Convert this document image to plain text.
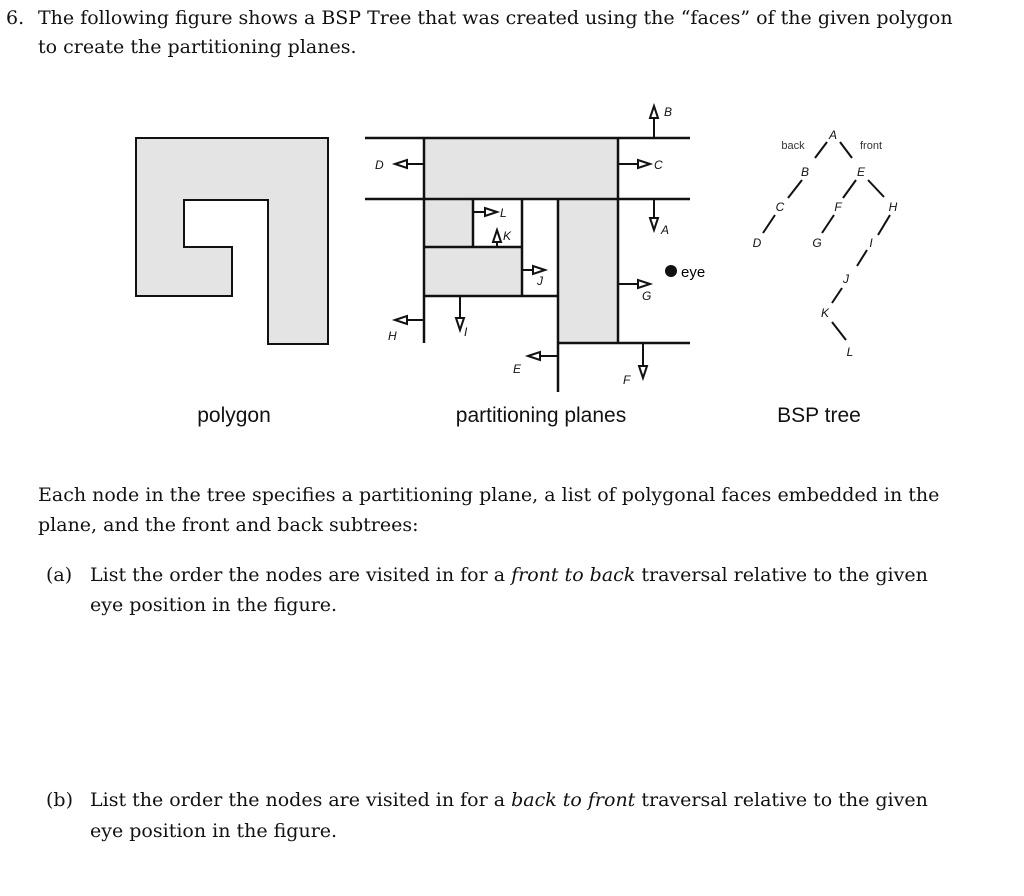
6. The following figure shows a BSP Tree that was created using the “faces” of the given polygon
to create the partitioning planes.
polygon
B
C
D
A
L
K
J
G
I
H
E
F
eye
partitioning planes
back	front
A
B
C
D
E
F
G
H
I
J
K
L
BSP tree
Each node in the tree specifies a partitioning plane, a list of polygonal faces embedded in the
plane, and the front and back subtrees:
(a) List the order the nodes are visited in for a front to back traversal relative to the given
eye position in the figure.
(b) List the order the nodes are visited in for a back to front traversal relative to the given
eye position in the figure.
